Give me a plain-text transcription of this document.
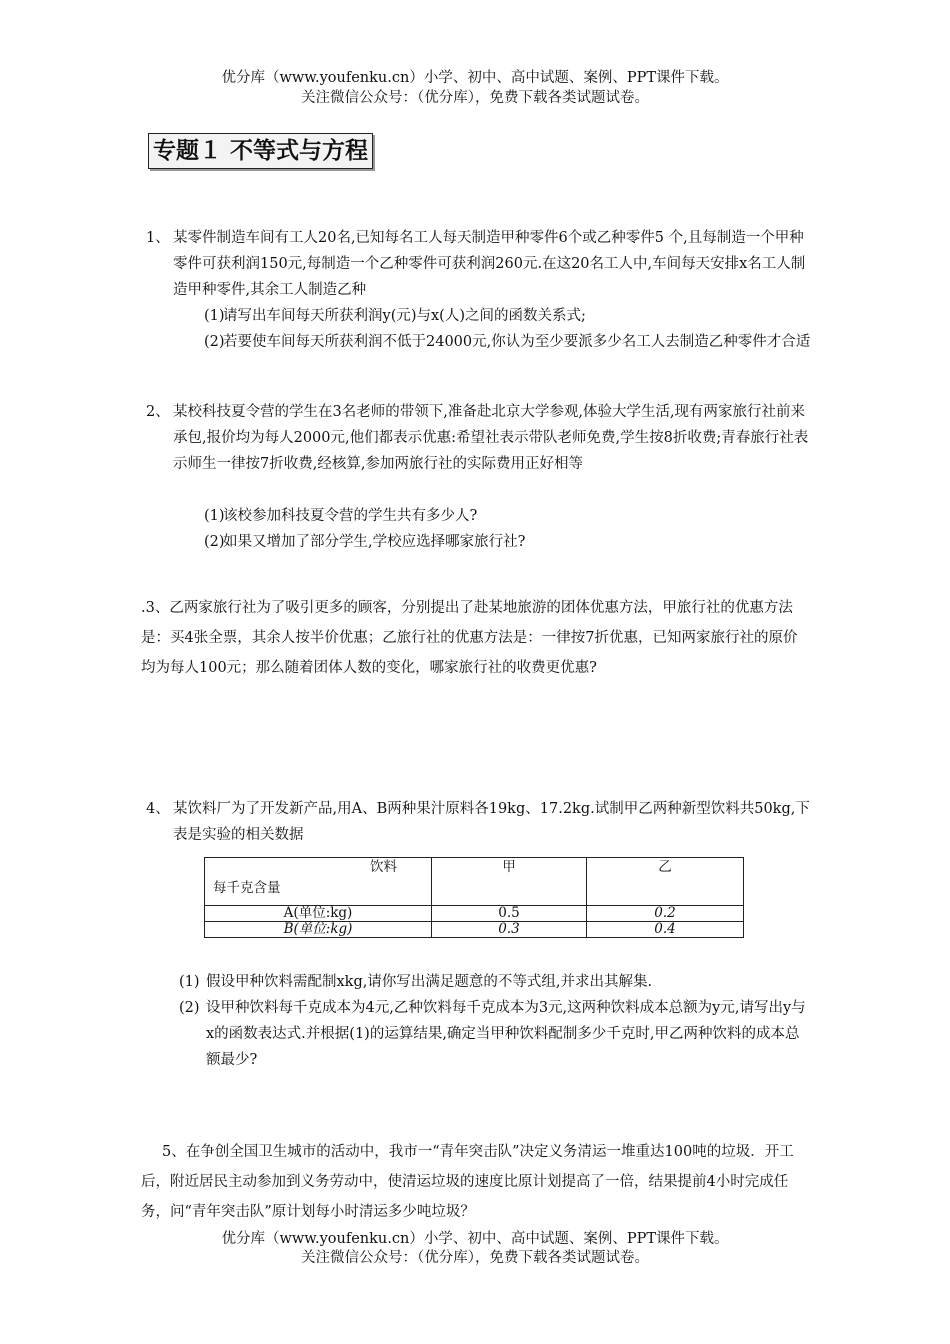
优分库（www.youfenku.cn）小学、初中、高中试题、案例、PPT课件下载。
关注微信公众号：（优分库），免费下载各类试题试卷。
专题１ 不等式与方程
1、 某零件制造车间有工人20名,已知每名工人每天制造甲种零件6个或乙种零件5 个,且每制造一个甲种零件可获利润150元,每制造一个乙种零件可获利润260元.在这20名工人中,车间每天安排x名工人制造甲种零件,其余工人制造乙种
(1)
请写出车间每天所获利润y(元)与x(人)之间的函数关系式;
(2)
若要使车间每天所获利润不低于24000元,你认为至少要派多少名工人去制造乙种零件才合适
2、 某校科技夏令营的学生在3名老师的带领下,准备赴北京大学参观,体验大学生活,现有两家旅行社前来承包,报价均为每人2000元,他们都表示优惠:希望社表示带队老师免费,学生按8折收费;青春旅行社表示师生一律按7折收费,经核算,参加两旅行社的实际费用正好相等
(1)
该校参加科技夏令营的学生共有多少人?
(2)
如果又增加了部分学生,学校应选择哪家旅行社?
.3、乙两家旅行社为了吸引更多的顾客，分别提出了赴某地旅游的团体优惠方法，甲旅行社的优惠方法是：买4张全票，其余人按半价优惠；乙旅行社的优惠方法是：一律按7折优惠，已知两家旅行社的原价均为每人100元；那么随着团体人数的变化，哪家旅行社的收费更优惠?
4、 某饮料厂为了开发新产品,用A、B两种果汁原料各19kg、17.2kg.试制甲乙两种新型饮料共50kg,下表是实验的相关数据
饮料
每千克含量	甲	乙
A(单位:kg)	0.5	0.2
B(单位:kg)	0.3	0.4
(1) 假设甲种饮料需配制xkg,请你写出满足题意的不等式组,并求出其解集.
(2) 设甲种饮料每千克成本为4元,乙种饮料每千克成本为3元,这两种饮料成本总额为y元,请写出y与x的函数表达式.并根据(1)的运算结果,确定当甲种饮料配制多少千克时,甲乙两种饮料的成本总额最少?
5、在争创全国卫生城市的活动中，我市一“青年突击队”决定义务清运一堆重达100吨的垃圾．开工后，附近居民主动参加到义务劳动中，使清运垃圾的速度比原计划提高了一倍，结果提前4小时完成任务，问“青年突击队”原计划每小时清运多少吨垃圾？
优分库（www.youfenku.cn）小学、初中、高中试题、案例、PPT课件下载。
关注微信公众号：（优分库），免费下载各类试题试卷。
